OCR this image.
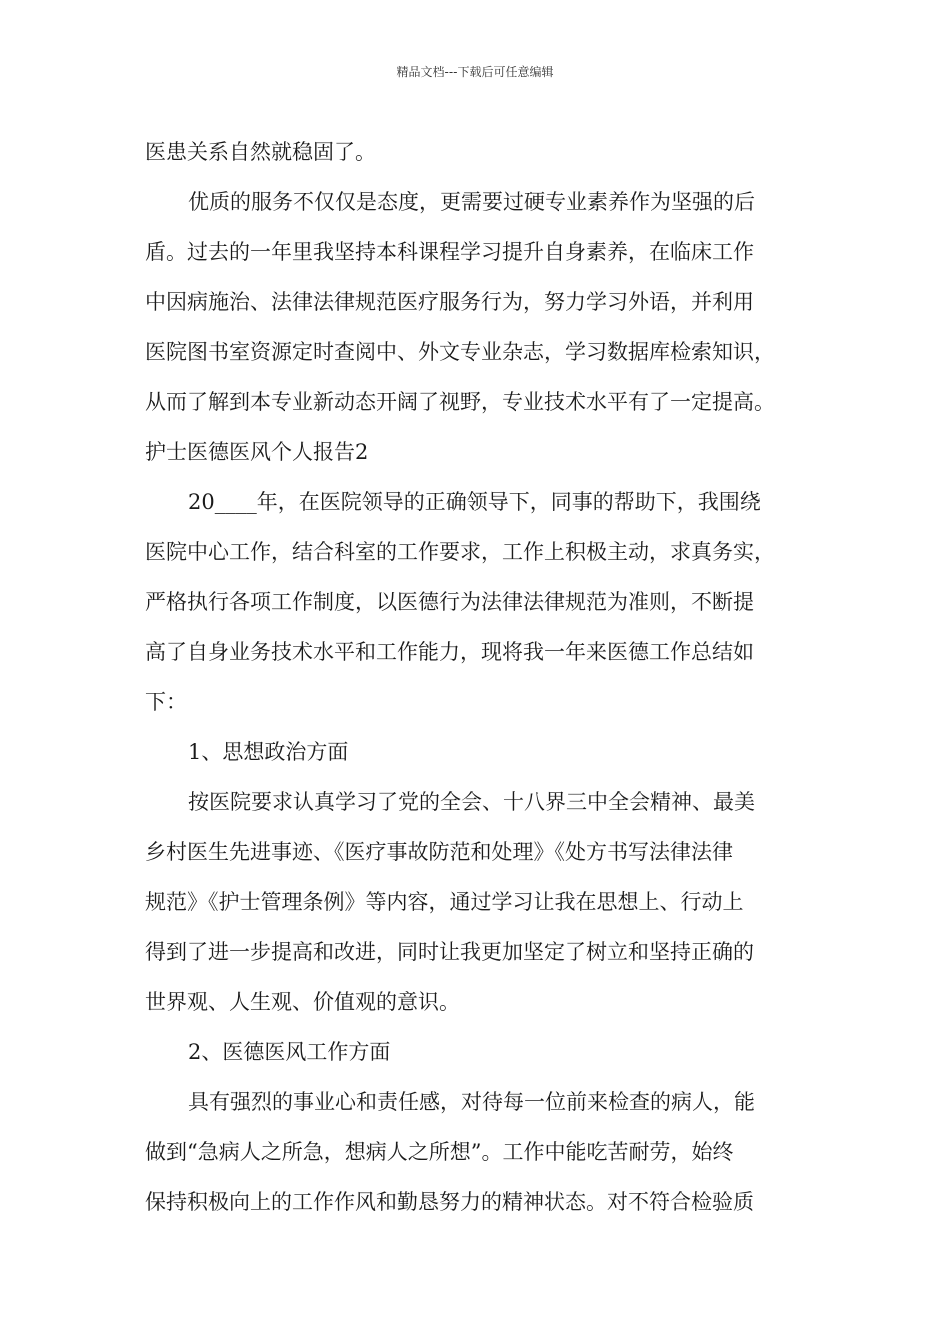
精品文档---下载后可任意编辑
医患关系自然就稳固了。
优质的服务不仅仅是态度，更需要过硬专业素养作为坚强的后
盾。过去的一年里我坚持本科课程学习提升自身素养，在临床工作
中因病施治、法律法律规范医疗服务行为，努力学习外语，并利用
医院图书室资源定时查阅中、外文专业杂志，学习数据库检索知识，
从而了解到本专业新动态开阔了视野，专业技术水平有了一定提高。
护士医德医风个人报告2
20____年，在医院领导的正确领导下，同事的帮助下，我围绕
医院中心工作，结合科室的工作要求，工作上积极主动，求真务实，
严格执行各项工作制度，以医德行为法律法律规范为准则，不断提
高了自身业务技术水平和工作能力，现将我一年来医德工作总结如
下：
1、思想政治方面
按医院要求认真学习了党的全会、十八界三中全会精神、最美
乡村医生先进事迹、《医疗事故防范和处理》《处方书写法律法律
规范》《护士管理条例》等内容，通过学习让我在思想上、行动上
得到了进一步提高和改进，同时让我更加坚定了树立和坚持正确的
世界观、人生观、价值观的意识。
2、医德医风工作方面
具有强烈的事业心和责任感，对待每一位前来检查的病人，能
做到“急病人之所急，想病人之所想”。工作中能吃苦耐劳，始终
保持积极向上的工作作风和勤恳努力的精神状态。对不符合检验质
